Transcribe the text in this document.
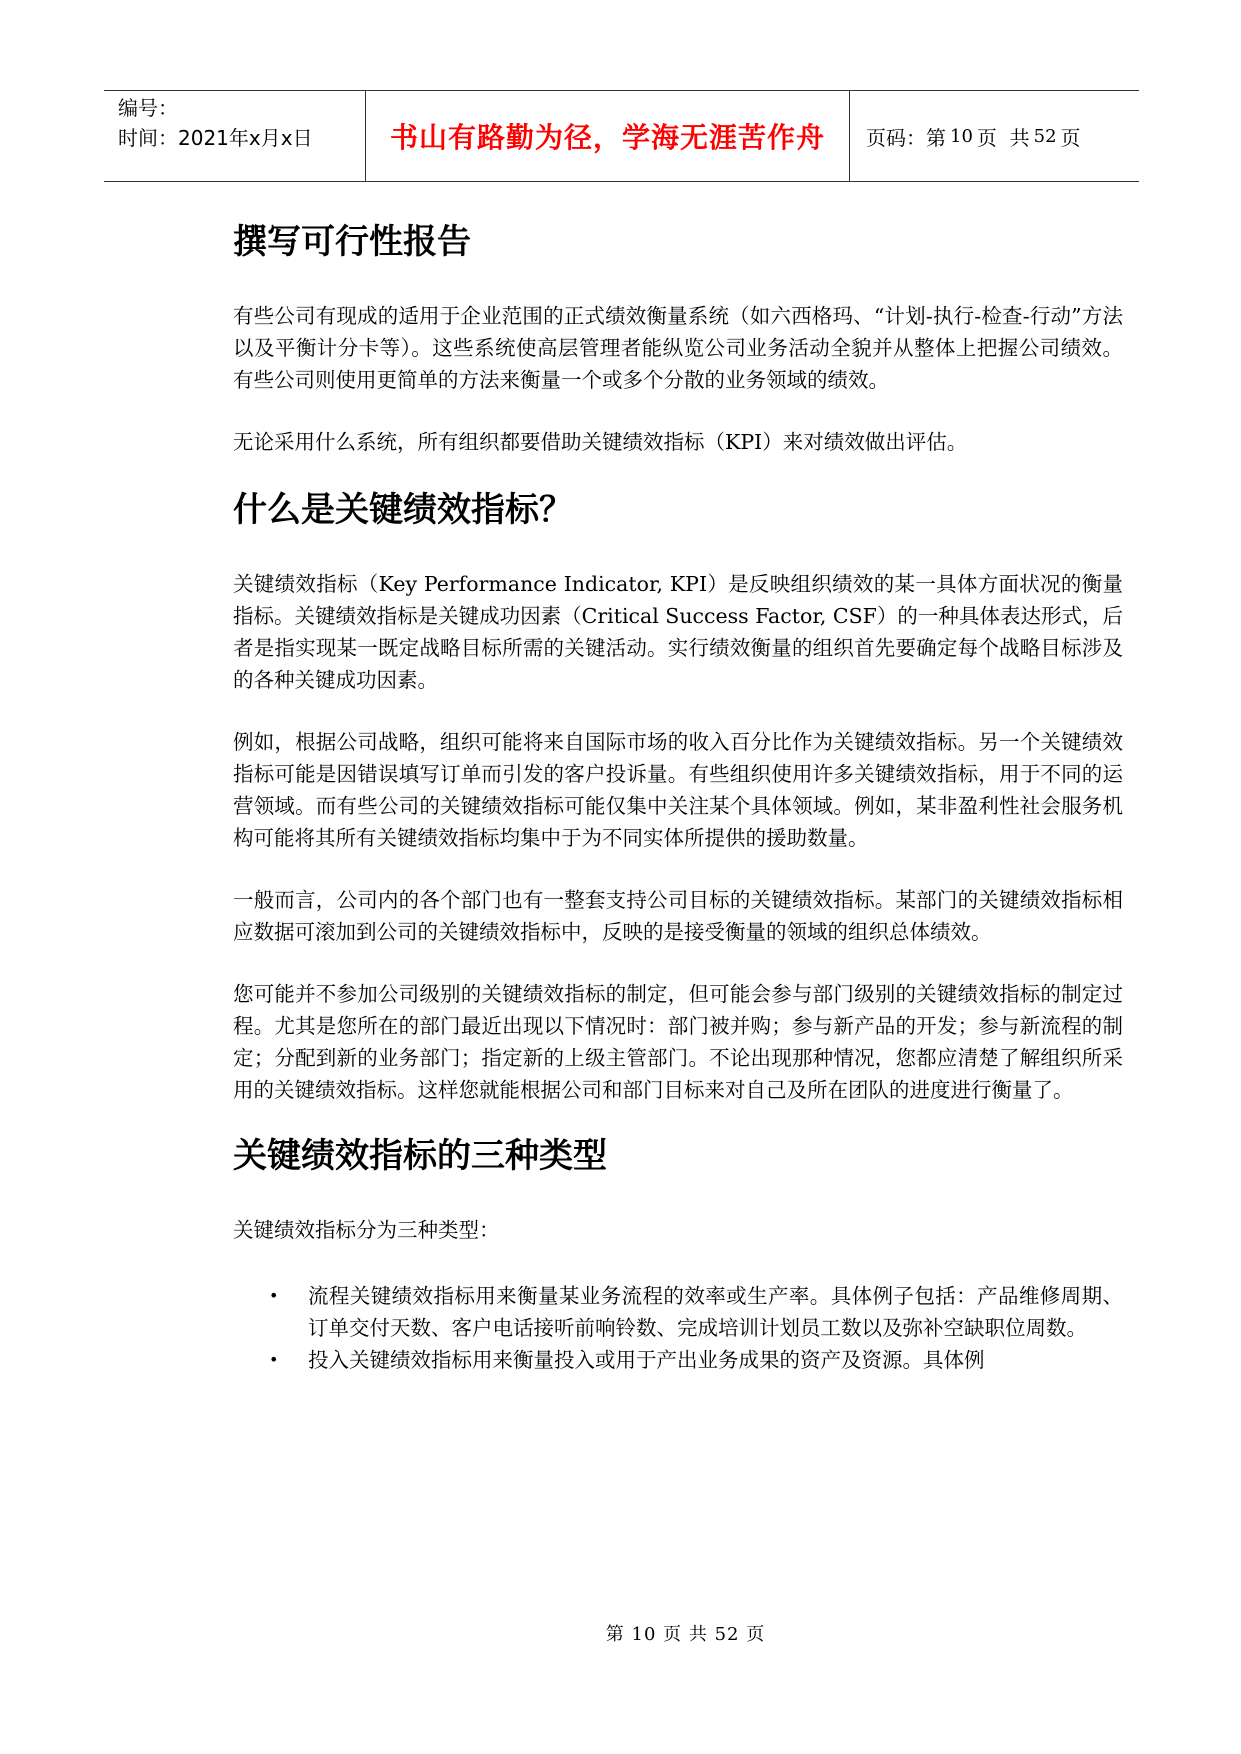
编号：
时间：2021年x月x日	书山有路勤为径，学海无涯苦作舟	页码：第 10 页  共 52 页
撰写可行性报告

有些公司有现成的适用于企业范围的正式绩效衡量系统（如六西格玛、“计划-执行-检查-行动”方法以及平衡计分卡等）。这些系统使高层管理者能纵览公司业务活动全貌并从整体上把握公司绩效。有些公司则使用更简单的方法来衡量一个或多个分散的业务领域的绩效。

无论采用什么系统，所有组织都要借助关键绩效指标（KPI）来对绩效做出评估。

什么是关键绩效指标？

关键绩效指标（Key Performance Indicator, KPI）是反映组织绩效的某一具体方面状况的衡量指标。关键绩效指标是关键成功因素（Critical Success Factor, CSF）的一种具体表达形式，后者是指实现某一既定战略目标所需的关键活动。实行绩效衡量的组织首先要确定每个战略目标涉及的各种关键成功因素。

例如，根据公司战略，组织可能将来自国际市场的收入百分比作为关键绩效指标。另一个关键绩效指标可能是因错误填写订单而引发的客户投诉量。有些组织使用许多关键绩效指标，用于不同的运营领域。而有些公司的关键绩效指标可能仅集中关注某个具体领域。例如，某非盈利性社会服务机构可能将其所有关键绩效指标均集中于为不同实体所提供的援助数量。

一般而言，公司内的各个部门也有一整套支持公司目标的关键绩效指标。某部门的关键绩效指标相应数据可滚加到公司的关键绩效指标中，反映的是接受衡量的领域的组织总体绩效。

您可能并不参加公司级别的关键绩效指标的制定，但可能会参与部门级别的关键绩效指标的制定过程。尤其是您所在的部门最近出现以下情况时：部门被并购；参与新产品的开发；参与新流程的制定；分配到新的业务部门；指定新的上级主管部门。不论出现那种情况，您都应清楚了解组织所采用的关键绩效指标。这样您就能根据公司和部门目标来对自己及所在团队的进度进行衡量了。

关键绩效指标的三种类型

关键绩效指标分为三种类型：

• 流程关键绩效指标用来衡量某业务流程的效率或生产率。具体例子包括：产品维修周期、订单交付天数、客户电话接听前响铃数、完成培训计划员工数以及弥补空缺职位周数。
• 投入关键绩效指标用来衡量投入或用于产出业务成果的资产及资源。具体例
第 10 页 共 52 页
